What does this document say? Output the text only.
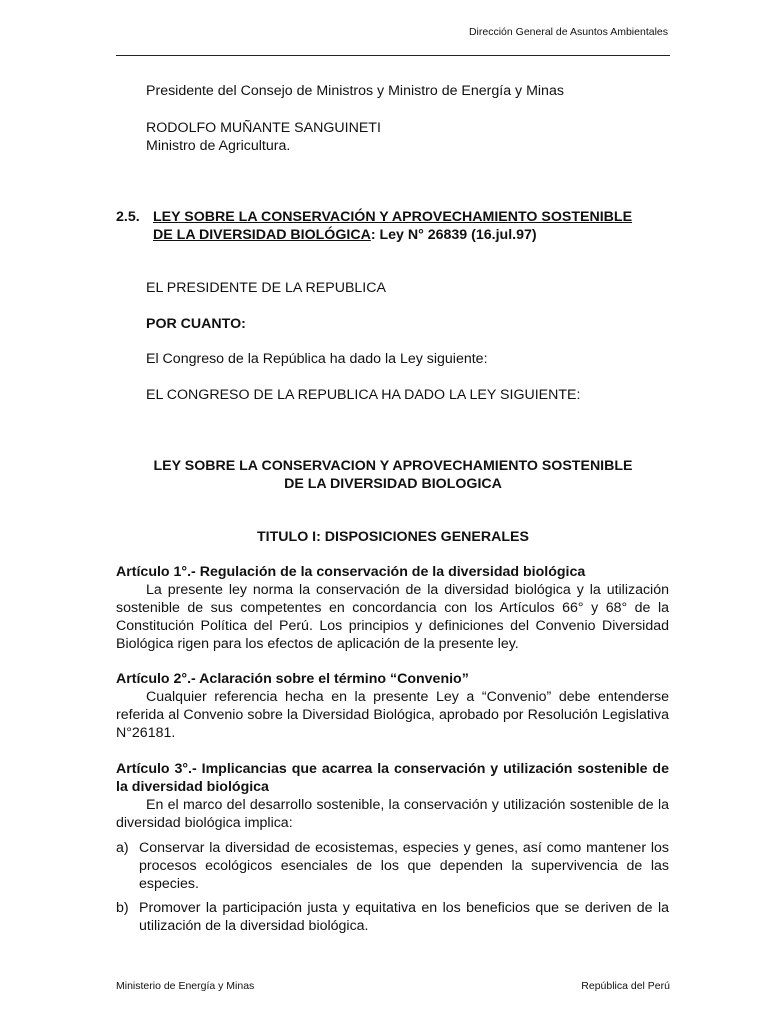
Dirección General de Asuntos Ambientales

Presidente del Consejo de Ministros y Ministro de Energía y Minas

RODOLFO MUÑANTE SANGUINETI

Ministro de Agricultura.

2.5. LEY SOBRE LA CONSERVACIÓN Y APROVECHAMIENTO SOSTENIBLE

DE LA DIVERSIDAD BIOLÓGICA: Ley N° 26839 (16.jul.97)

EL PRESIDENTE DE LA REPUBLICA

POR CUANTO:

El Congreso de la República ha dado la Ley siguiente:

EL CONGRESO DE LA REPUBLICA HA DADO LA LEY SIGUIENTE:

LEY SOBRE LA CONSERVACION Y APROVECHAMIENTO SOSTENIBLE

DE LA DIVERSIDAD BIOLOGICA

TITULO I: DISPOSICIONES GENERALES

Artículo 1°.- Regulación de la conservación de la diversidad biológica

La presente ley norma la conservación de la diversidad biológica y la utilización sostenible de sus competentes en concordancia con los Artículos 66° y 68° de la Constitución Política del Perú. Los principios y definiciones del Convenio Diversidad Biológica rigen para los efectos de aplicación de la presente ley.

Artículo 2°.- Aclaración sobre el término “Convenio”

Cualquier referencia hecha en la presente Ley a “Convenio” debe entenderse referida al Convenio sobre la Diversidad Biológica, aprobado por Resolución Legislativa N°26181.

Artículo 3°.- Implicancias que acarrea la conservación y utilización sostenible de la diversidad biológica

En el marco del desarrollo sostenible, la conservación y utilización sostenible de la diversidad biológica implica:

a) Conservar la diversidad de ecosistemas, especies y genes, así como mantener los procesos ecológicos esenciales de los que dependen la supervivencia de las especies.
b) Promover la participación justa y equitativa en los beneficios que se deriven de la utilización de la diversidad biológica.

Ministerio de Energía y Minas	República del Perú
